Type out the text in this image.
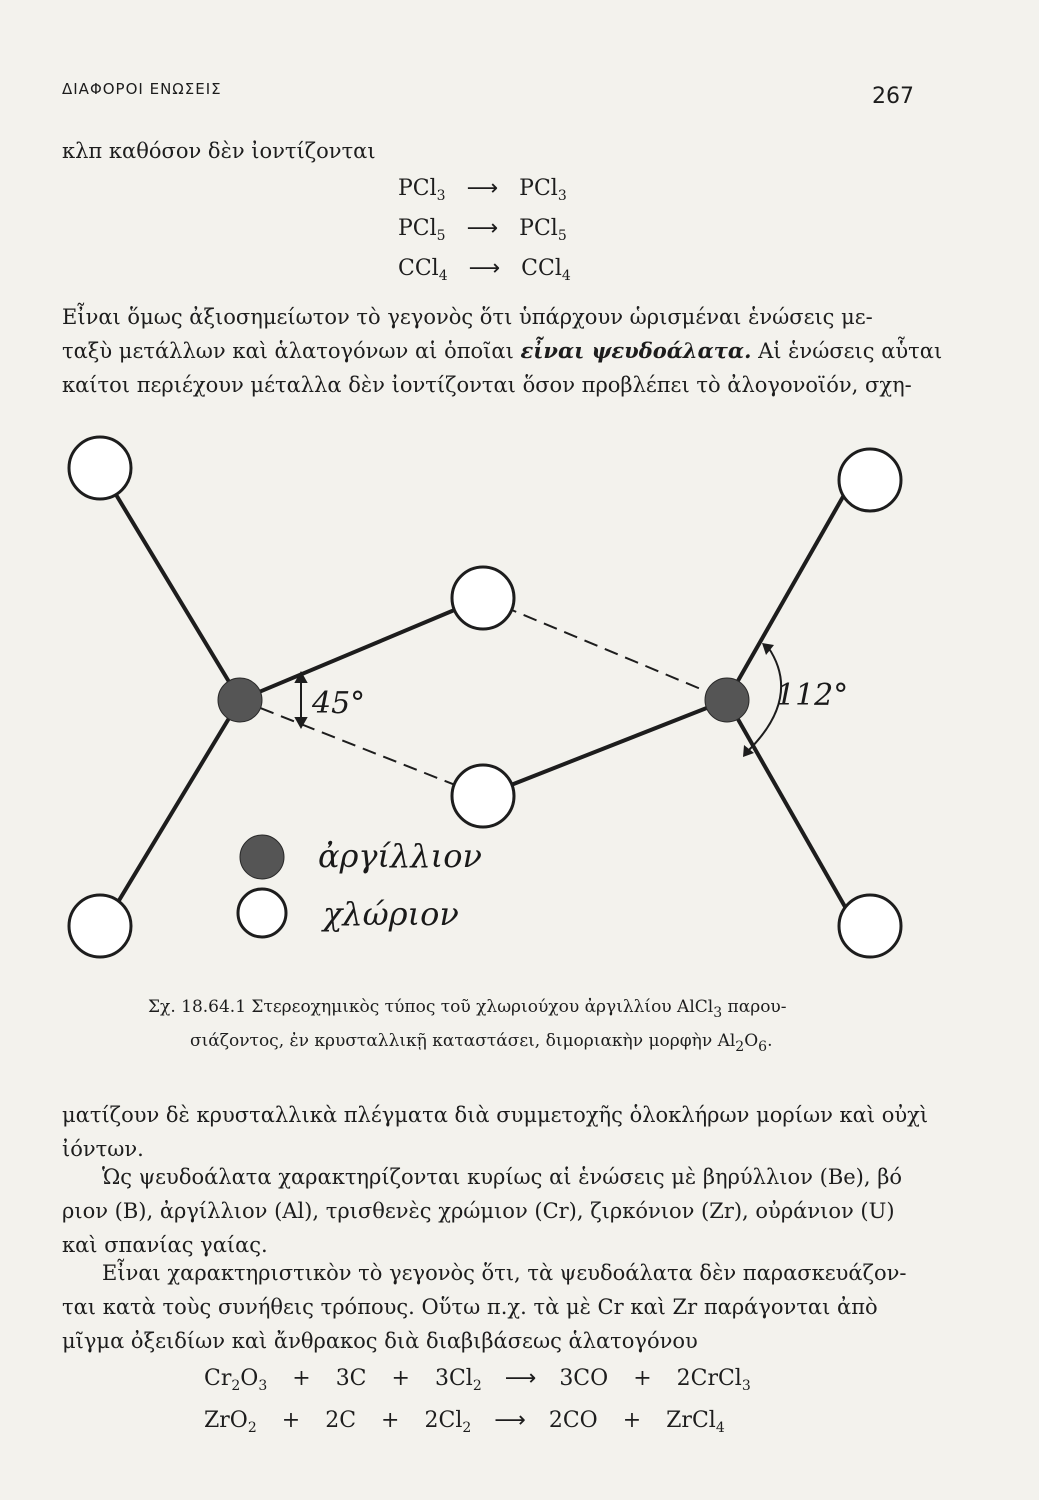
ΔΙΑΦΟΡΟΙ ΕΝΩΣΕΙΣ	267

κλπ καθόσον δὲν ἰοντίζονται

PCl$_3$ ⟶ PCl$_3$
PCl$_5$ ⟶ PCl$_5$
CCl$_4$ ⟶ CCl$_4$

Εἶναι ὅμως ἀξιοσημείωτον τὸ γεγονὸς ὅτι ὑπάρχουν ὡρισμέναι ἑνώσεις με-
ταξὺ μετάλλων καὶ ἁλατογόνων αἱ ὁποῖαι εἶναι ψευδοάλατα. Αἱ ἑνώσεις αὗται
καίτοι περιέχουν μέταλλα δὲν ἰοντίζονται ὅσον προβλέπει τὸ ἀλογονοϊόν, σχη-

45°	112°
ἀργίλλιον
χλώριον
Σχ. 18.64.1 Στερεοχημικὸς τύπος τοῦ χλωριούχου ἀργιλλίου AlCl$_3$ παρου-
σιάζοντος, ἐν κρυσταλλικῇ καταστάσει, διμοριακὴν μορφὴν $Al_2O_6$.

ματίζουν δὲ κρυσταλλικὰ πλέγματα διὰ συμμετοχῆς ὁλοκλήρων μορίων καὶ οὐχὶ
ἰόντων.

Ὡς ψευδοάλατα χαρακτηρίζονται κυρίως αἱ ἑνώσεις μὲ βηρύλλιον (Be), βό
ριον (B), ἀργίλλιον (Al), τρισθενὲς χρώμιον (Cr), ζιρκόνιον (Zr), οὐράνιον (U)
καὶ σπανίας γαίας.

Εἶναι χαρακτηριστικὸν τὸ γεγονὸς ὅτι, τὰ ψευδοάλατα δὲν παρασκευάζον-
ται κατὰ τοὺς συνήθεις τρόπους. Οὕτω π.χ. τὰ μὲ Cr καὶ Zr παράγονται ἀπὸ
μῖγμα ὀξειδίων καὶ ἄνθρακος διὰ διαβιβάσεως ἁλατογόνου

$Cr_2O_3 + 3C + 3Cl_2$ ⟶ 3CO + 2CrCl$_3$
$ZrO_2 + 2C + 2Cl_2$ ⟶ 2CO + ZrCl$_4$
